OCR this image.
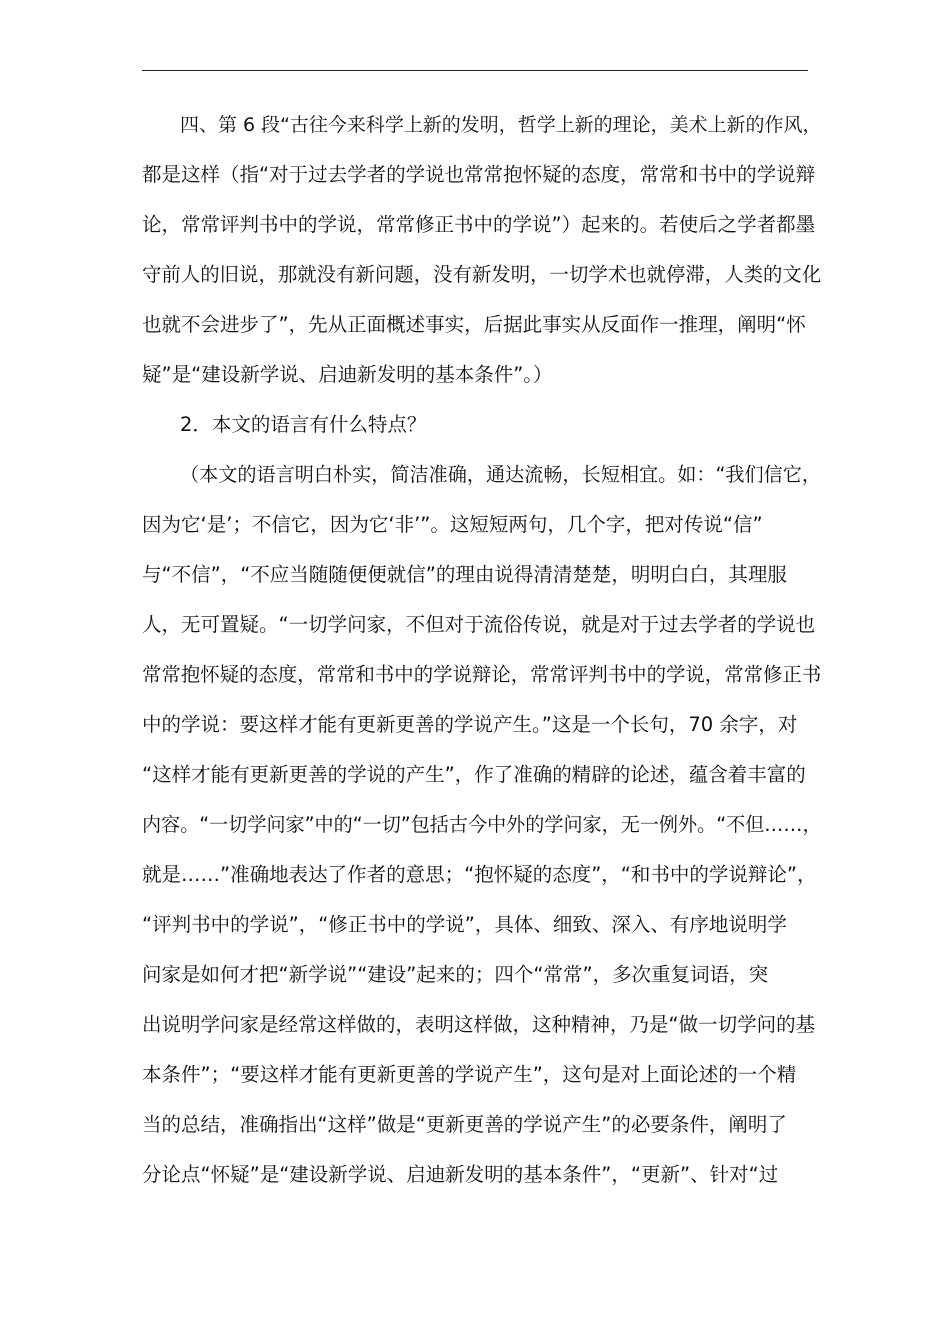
四、第 6 段“古往今来科学上新的发明，哲学上新的理论，美术上新的作风，
都是这样（指“对于过去学者的学说也常常抱怀疑的态度，常常和书中的学说辩
论，常常评判书中的学说，常常修正书中的学说”）起来的。若使后之学者都墨
守前人的旧说，那就没有新问题，没有新发明，一切学术也就停滞，人类的文化
也就不会进步了”，先从正面概述事实，后据此事实从反面作一推理，阐明“怀
疑”是“建设新学说、启迪新发明的基本条件”。）
2．本文的语言有什么特点？
（本文的语言明白朴实，简洁准确，通达流畅，长短相宜。如：“我们信它，
因为它‘是’；不信它，因为它‘非’”。这短短两句，几个字，把对传说“信”
与“不信”，“不应当随随便便就信”的理由说得清清楚楚，明明白白，其理服
人，无可置疑。“一切学问家，不但对于流俗传说，就是对于过去学者的学说也
常常抱怀疑的态度，常常和书中的学说辩论，常常评判书中的学说，常常修正书
中的学说：要这样才能有更新更善的学说产生。”这是一个长句，70 余字，对
“这样才能有更新更善的学说的产生”，作了准确的精辟的论述，蕴含着丰富的
内容。“一切学问家”中的“一切”包括古今中外的学问家，无一例外。“不但……，
就是……”准确地表达了作者的意思；“抱怀疑的态度”，“和书中的学说辩论”，
“评判书中的学说”，“修正书中的学说”，具体、细致、深入、有序地说明学
问家是如何才把“新学说”“建设”起来的；四个“常常”，多次重复词语，突
出说明学问家是经常这样做的，表明这样做，这种精神，乃是“做一切学问的基
本条件”；“要这样才能有更新更善的学说产生”，这句是对上面论述的一个精
当的总结，准确指出“这样”做是“更新更善的学说产生”的必要条件，阐明了
分论点“怀疑”是“建设新学说、启迪新发明的基本条件”，“更新”、针对“过
